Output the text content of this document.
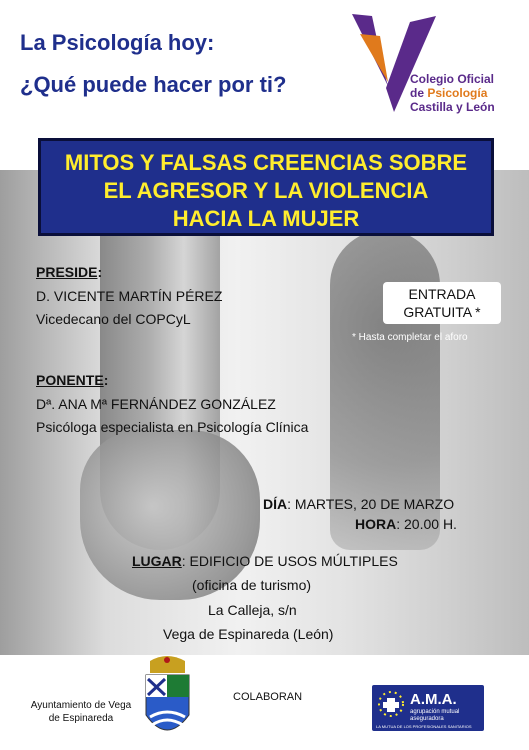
La Psicología hoy:
¿Qué puede hacer por ti?	Colegio Oficial
de Psicología
Castilla y León
MITOS Y FALSAS CREENCIAS SOBRE
EL AGRESOR Y LA VIOLENCIA
HACIA LA MUJER
PRESIDE:
D. VICENTE MARTÍN PÉREZ
Vicedecano del COPCyL
ENTRADA
GRATUITA *
* Hasta completar el aforo
PONENTE:
Dª. ANA Mª FERNÁNDEZ GONZÁLEZ
Psicóloga especialista en Psicología Clínica
DÍA: MARTES, 20 DE MARZO
HORA: 20.00 H.
LUGAR: EDIFICIO DE USOS MÚLTIPLES
(oficina de turismo)
La Calleja, s/n
Vega de Espinareda (León)
Ayuntamiento de Vega
de Espinareda
COLABORAN	A.M.A.
agrupación mutual aseguradora
LA MUTUA DE LOS PROFESIONALES SANITARIOS
